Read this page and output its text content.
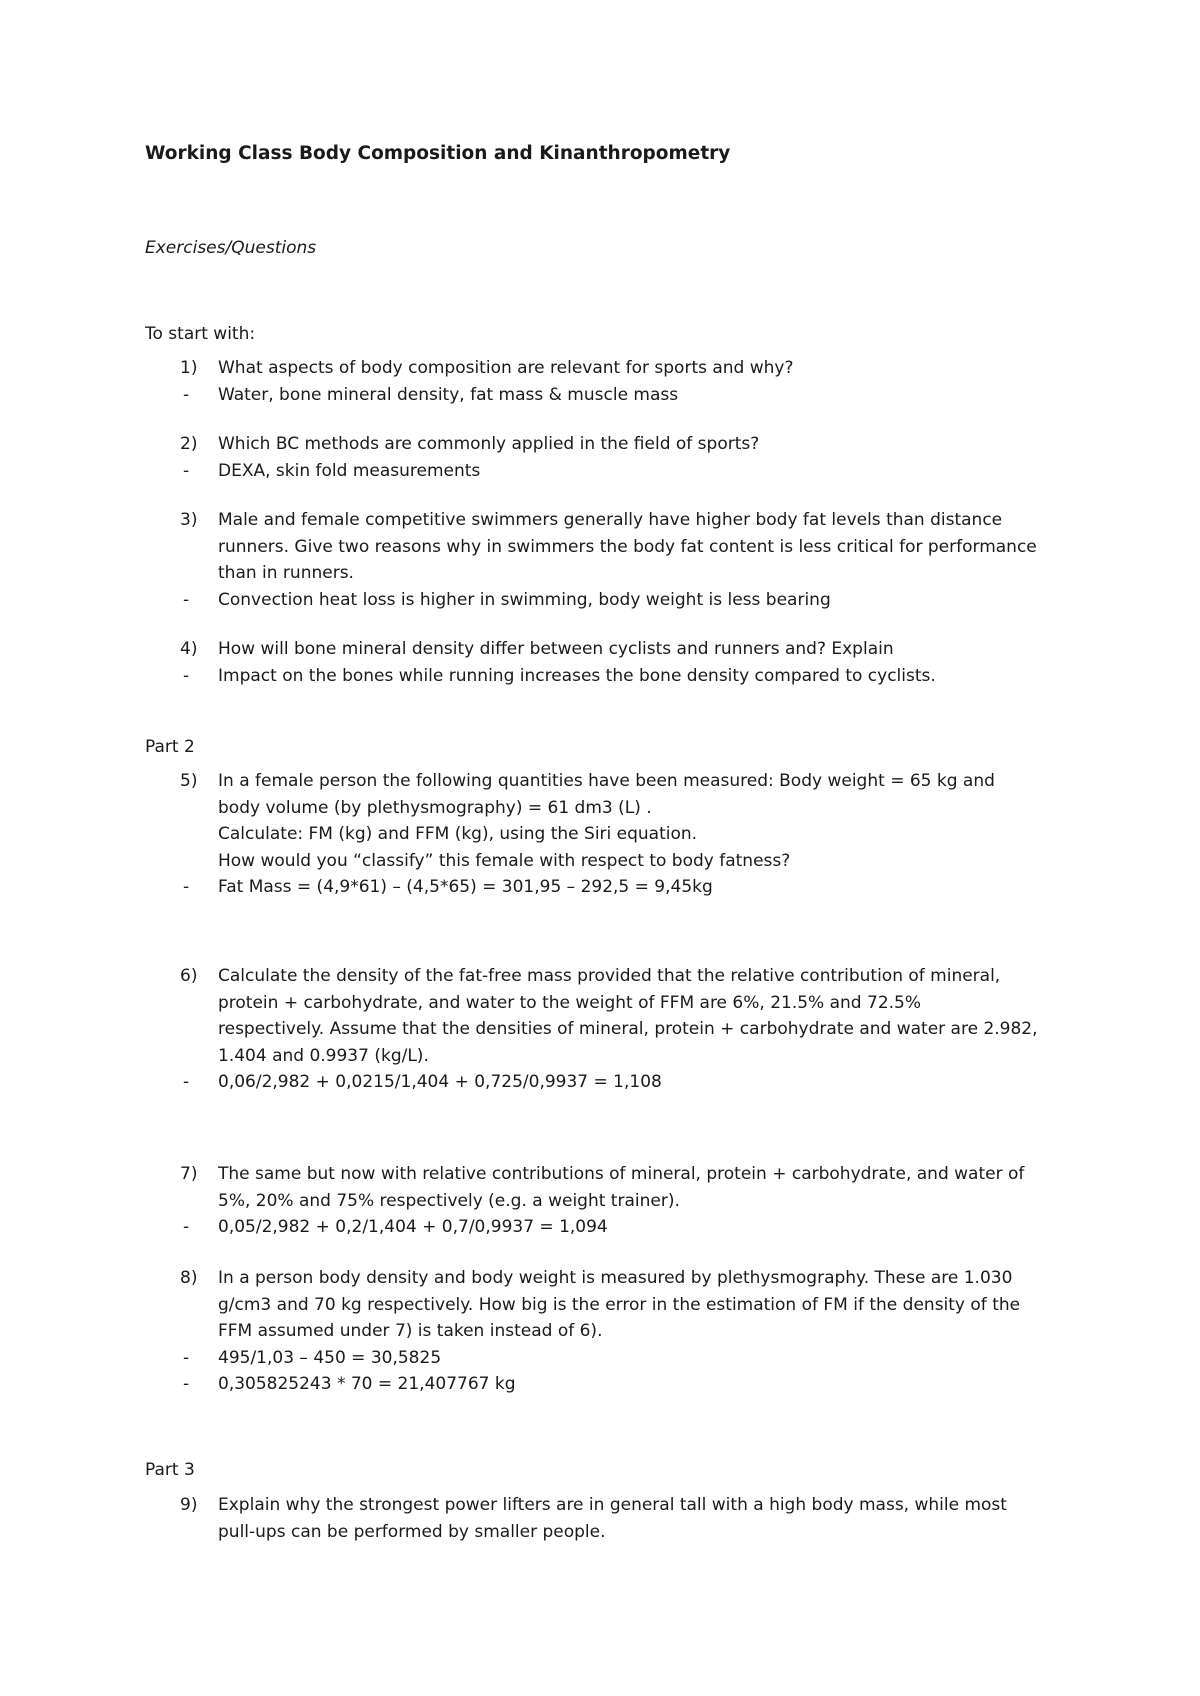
Working Class Body Composition and Kinanthropometry
Exercises/Questions
To start with:
1) What aspects of body composition are relevant for sports and why?
- Water, bone mineral density, fat mass & muscle mass
2) Which BC methods are commonly applied in the field of sports?
- DEXA, skin fold measurements
3) Male and female competitive swimmers generally have higher body fat levels than distance
runners. Give two reasons why in swimmers the body fat content is less critical for performance
than in runners.
- Convection heat loss is higher in swimming, body weight is less bearing
4) How will bone mineral density differ between cyclists and runners and? Explain
- Impact on the bones while running increases the bone density compared to cyclists.
Part 2
5) In a female person the following quantities have been measured: Body weight = 65 kg and
body volume (by plethysmography) = 61 dm3 (L) .
Calculate: FM (kg) and FFM (kg), using the Siri equation.
How would you “classify” this female with respect to body fatness?
- Fat Mass = (4,9*61) – (4,5*65) = 301,95 – 292,5 = 9,45kg
6) Calculate the density of the fat-free mass provided that the relative contribution of mineral,
protein + carbohydrate, and water to the weight of FFM are 6%, 21.5% and 72.5%
respectively. Assume that the densities of mineral, protein + carbohydrate and water are 2.982,
1.404 and 0.9937 (kg/L).
- 0,06/2,982 + 0,0215/1,404 + 0,725/0,9937 = 1,108
7) The same but now with relative contributions of mineral, protein + carbohydrate, and water of
5%, 20% and 75% respectively (e.g. a weight trainer).
- 0,05/2,982 + 0,2/1,404 + 0,7/0,9937 = 1,094
8) In a person body density and body weight is measured by plethysmography. These are 1.030
g/cm3 and 70 kg respectively. How big is the error in the estimation of FM if the density of the
FFM assumed under 7) is taken instead of 6).
- 495/1,03 – 450 = 30,5825
- 0,305825243 * 70 = 21,407767 kg
Part 3
9) Explain why the strongest power lifters are in general tall with a high body mass, while most
pull-ups can be performed by smaller people.
